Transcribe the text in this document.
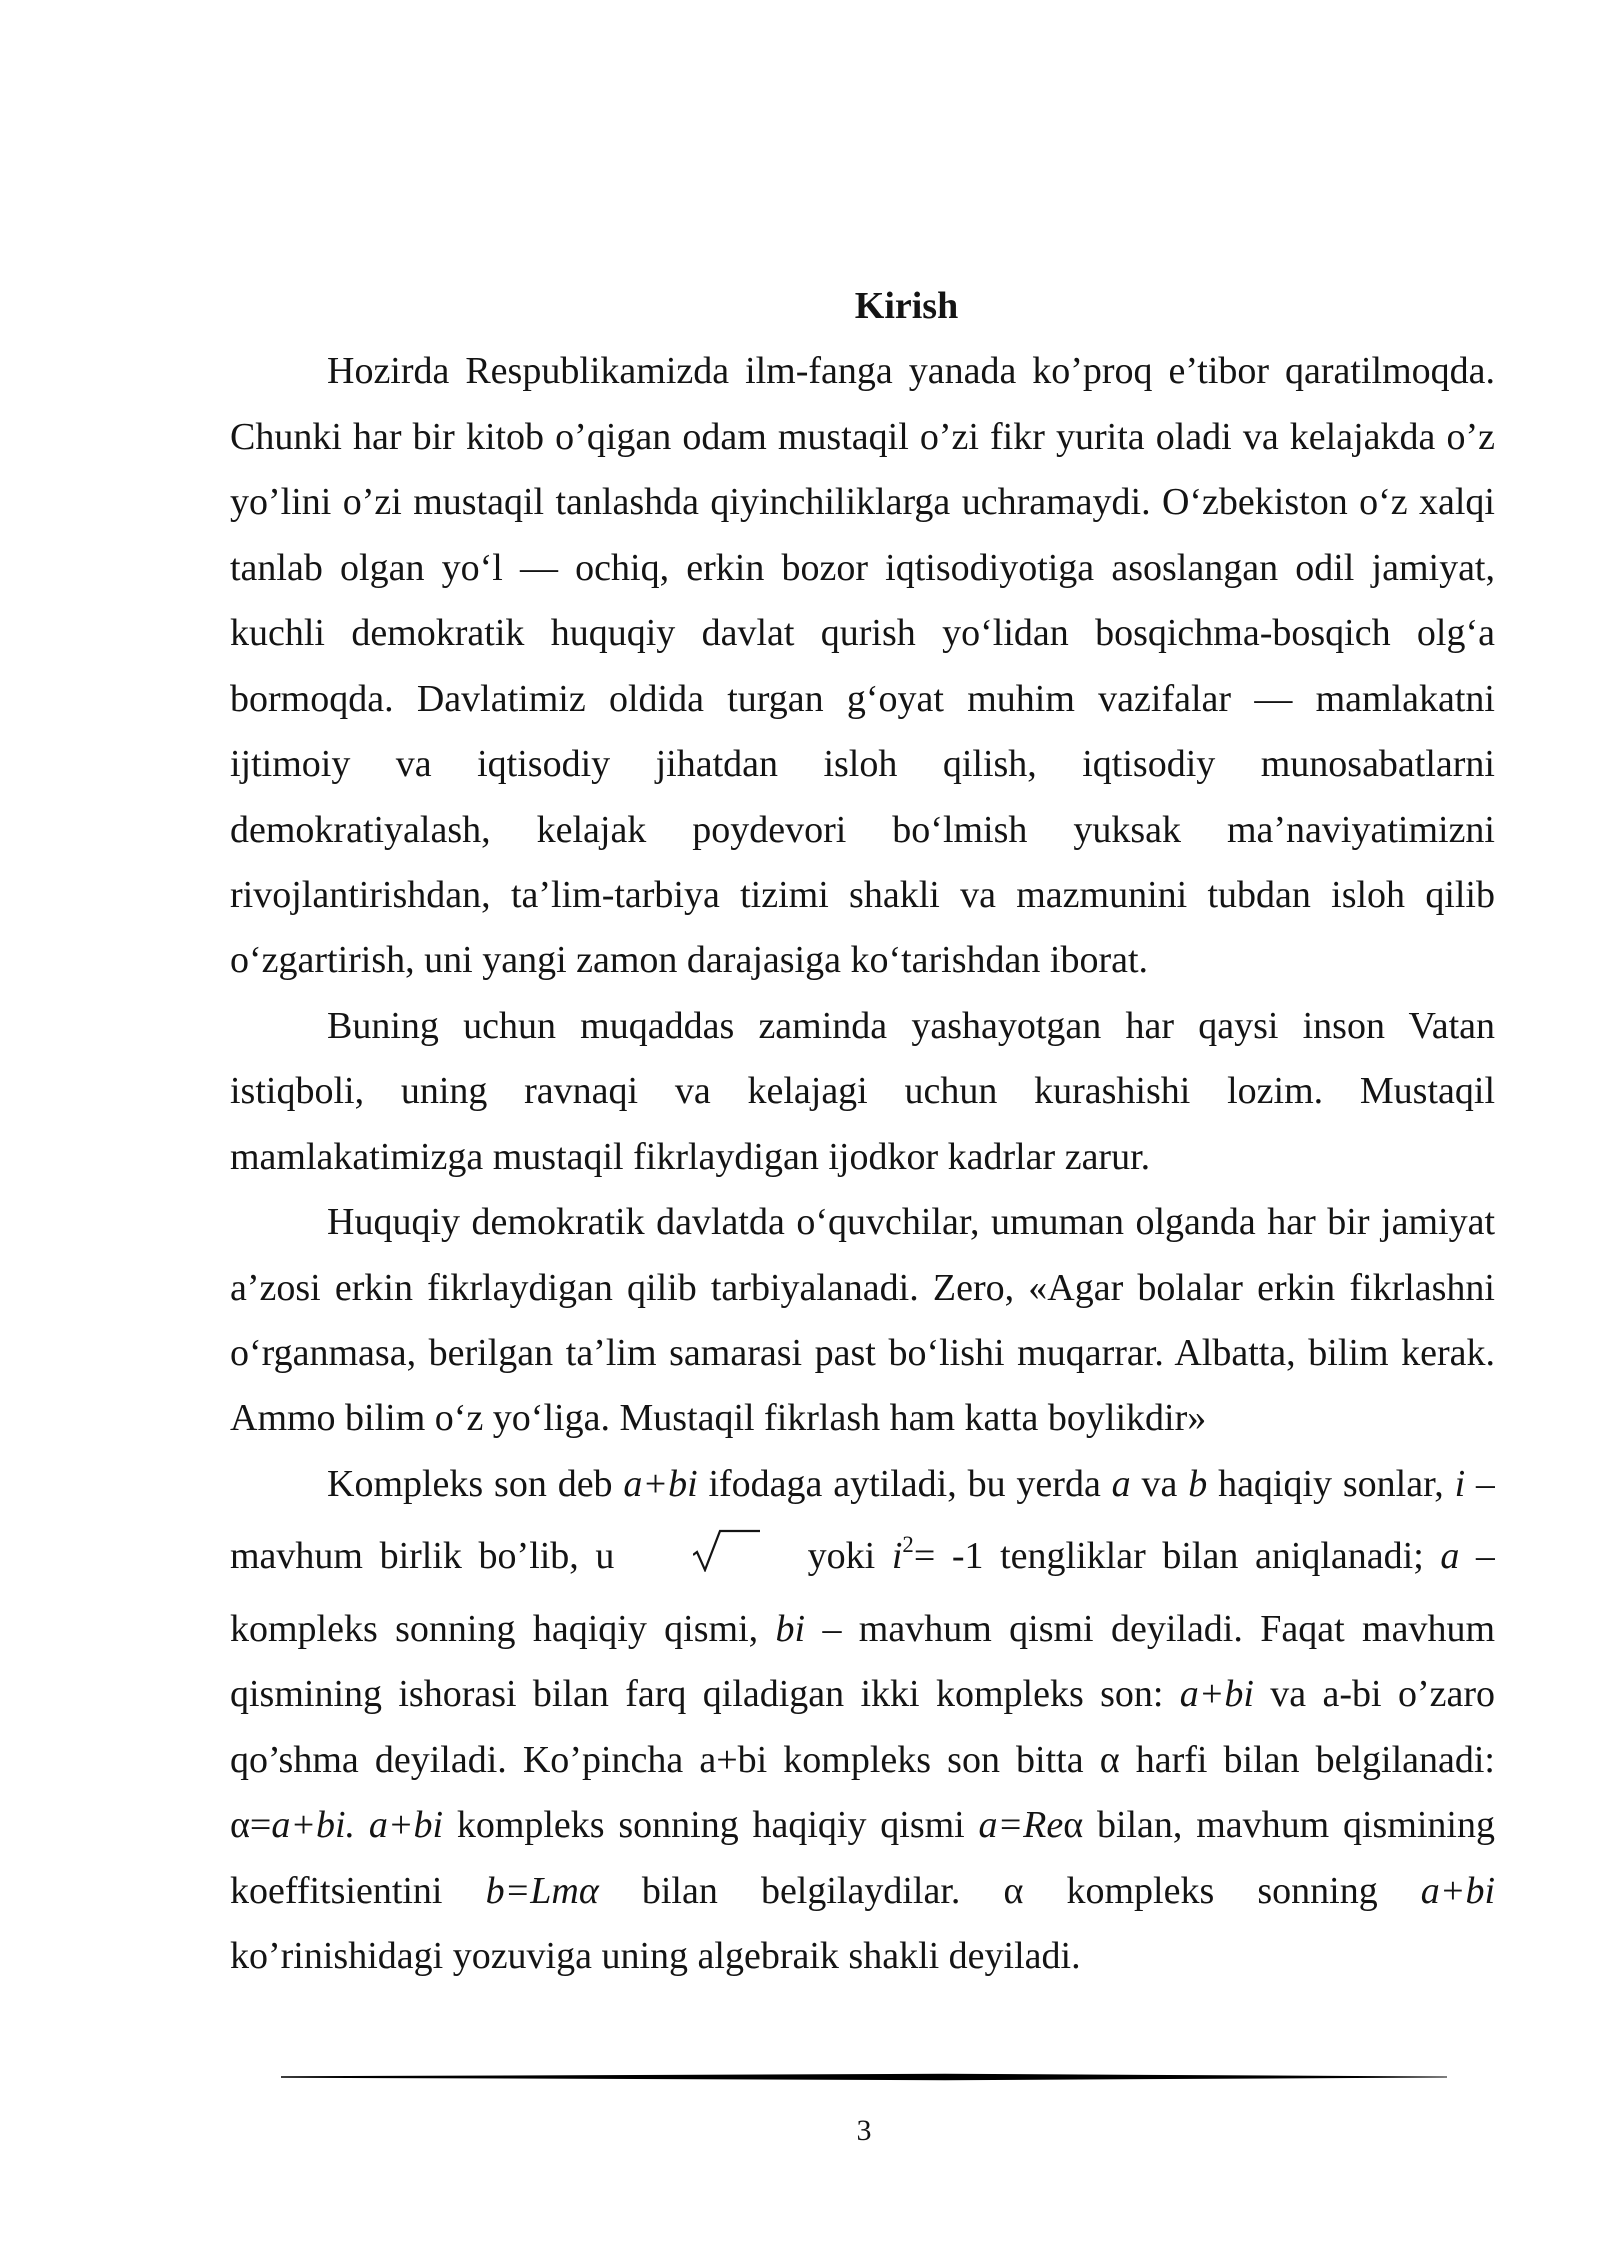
Kirish
Hozirda Respublikamizda ilm-fanga yanada ko’proq e’tibor qaratilmoqda.
Chunki har bir kitob o’qigan odam mustaqil o’zi fikr yurita oladi va kelajakda o’z
yo’lini o’zi mustaqil tanlashda qiyinchiliklarga uchramaydi. O‘zbekiston o‘z xalqi
tanlab olgan yo‘l — ochiq, erkin bozor iqtisodiyotiga asoslangan odil jamiyat,
kuchli demokratik huquqiy davlat qurish yo‘lidan bosqichma-bosqich olg‘a
bormoqda. Davlatimiz oldida turgan g‘oyat muhim vazifalar — mamlakatni
ijtimoiy va iqtisodiy jihatdan isloh qilish, iqtisodiy munosabatlarni
demokratiyalash, kelajak poydevori bo‘lmish yuksak ma’naviyatimizni
rivojlantirishdan, ta’lim-tarbiya tizimi shakli va mazmunini tubdan isloh qilib
o‘zgartirish, uni yangi zamon darajasiga ko‘tarishdan iborat.
Buning uchun muqaddas zaminda yashayotgan har qaysi inson Vatan
istiqboli, uning ravnaqi va kelajagi uchun kurashishi lozim. Mustaqil
mamlakatimizga mustaqil fikrlaydigan ijodkor kadrlar zarur.
Huquqiy demokratik davlatda o‘quvchilar, umuman olganda har bir jamiyat
a’zosi erkin fikrlaydigan qilib tarbiyalanadi. Zero, «Agar bolalar erkin fikrlashni
o‘rganmasa, berilgan ta’lim samarasi past bo‘lishi muqarrar. Albatta, bilim kerak.
Ammo bilim o‘z yo‘liga. Mustaqil fikrlash ham katta boylikdir»
Kompleks son deb a+bi ifodaga aytiladi, bu yerda a va b haqiqiy sonlar, i –
mavhum birlik bo’lib, u	yoki $i^2= -1$ tengliklar bilan aniqlanadi; a –
kompleks sonning haqiqiy qismi, bi – mavhum qismi deyiladi. Faqat mavhum
qismining ishorasi bilan farq qiladigan ikki kompleks son: a+bi va a-bi o’zaro
qo’shma deyiladi. Ko’pincha a+bi kompleks son bitta α harfi bilan belgilanadi:
α=a+bi. a+bi kompleks sonning haqiqiy qismi a=Reα bilan, mavhum qismining
koeffitsientini b=Lmα bilan belgilaydilar. α kompleks sonning a+bi
ko’rinishidagi yozuviga uning algebraik shakli deyiladi.
3
